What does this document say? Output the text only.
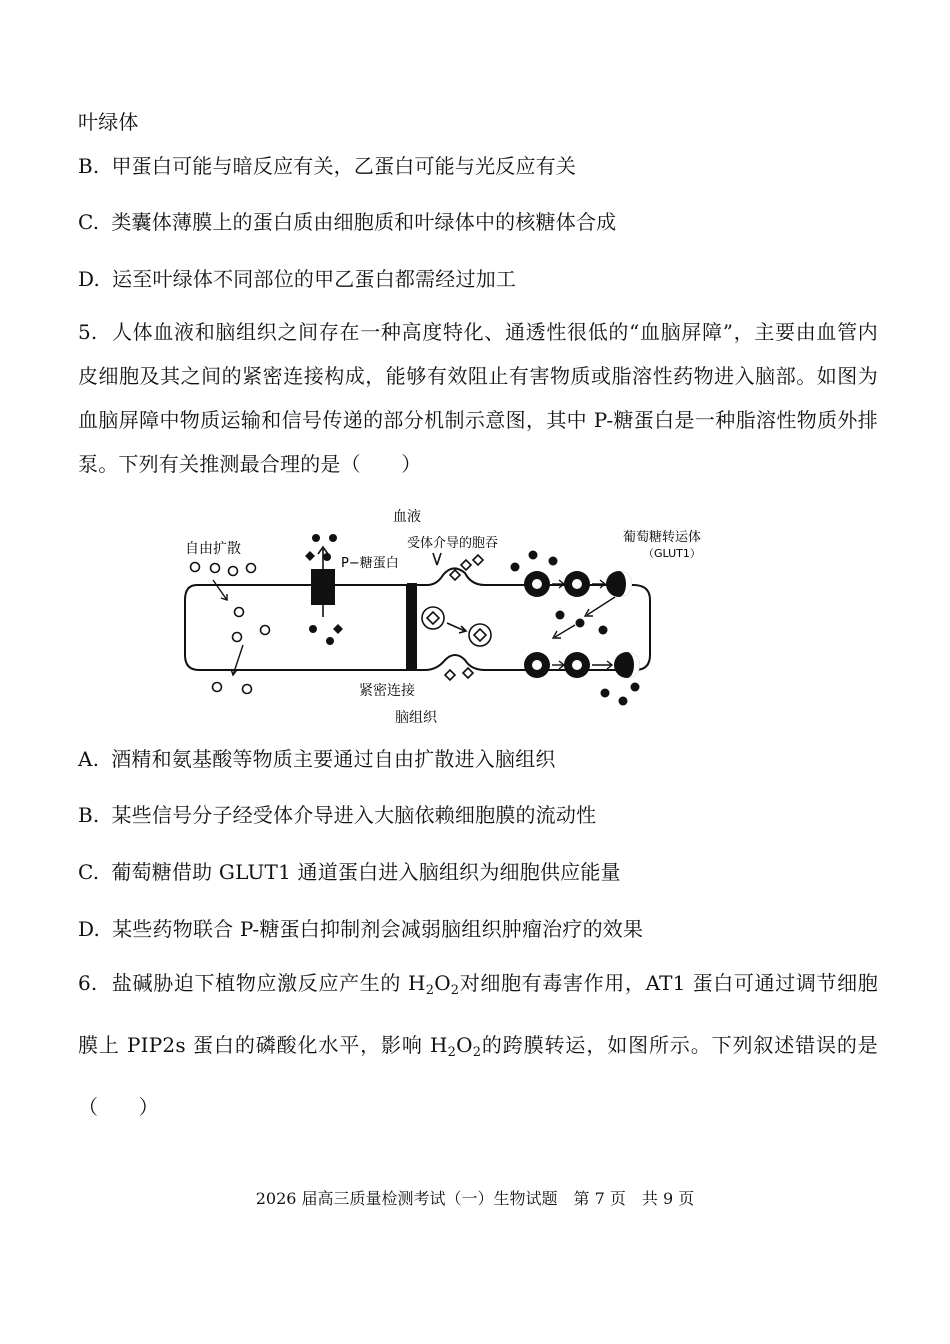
叶绿体
B. 甲蛋白可能与暗反应有关，乙蛋白可能与光反应有关
C. 类囊体薄膜上的蛋白质由细胞质和叶绿体中的核糖体合成
D. 运至叶绿体不同部位的甲乙蛋白都需经过加工
5. 人体血液和脑组织之间存在一种高度特化、通透性很低的“血脑屏障”，主要由血管内皮细胞及其之间的紧密连接构成，能够有效阻止有害物质或脂溶性药物进入脑部。如图为血脑屏障中物质运输和信号传递的部分机制示意图，其中 P-糖蛋白是一种脂溶性物质外排泵。下列有关推测最合理的是（　　）
血液
脑组织
自由扩散
P−糖蛋白
受体介导的胞吞	葡萄糖转运体
（GLUT1）
紧密连接
A. 酒精和氨基酸等物质主要通过自由扩散进入脑组织
B. 某些信号分子经受体介导进入大脑依赖细胞膜的流动性
C. 葡萄糖借助 GLUT1 通道蛋白进入脑组织为细胞供应能量
D. 某些药物联合 P-糖蛋白抑制剂会减弱脑组织肿瘤治疗的效果
6. 盐碱胁迫下植物应激反应产生的 $H_2O_2$对细胞有毒害作用，AT1 蛋白可通过调节细胞膜上 PIP2s 蛋白的磷酸化水平，影响 $H_2O_2$的跨膜转运，如图所示。下列叙述错误的是（　　）
2026 届高三质量检测考试（一）生物试题 第 7 页 共 9 页
